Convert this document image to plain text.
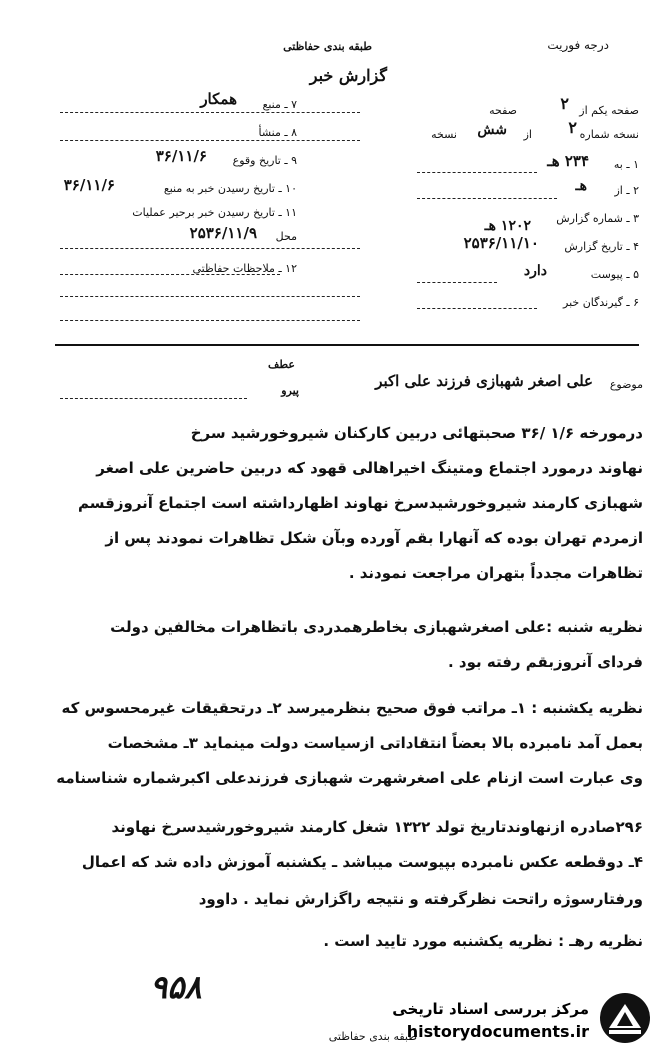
درجه فوریت
طبقه بندی حفاظتی
گزارش خبر
۷ ـ منبع
همکار
۸ ـ منشأ
۹ ـ تاریخ وقوع
۳۶/۱۱/۶
۱۰ ـ تاریخ رسیدن خبر به منبع
۳۶/۱۱/۶
۱۱ ـ تاریخ رسیدن خبر برحیر عملیات
محل
۲۵۳۶/۱۱/۹
۱۲ ـ ملاحظات حفاظتی
صفحه یکم از
۲
صفحه
نسخه شماره
۲
از
شش
نسخه
۱ ـ به
۲۳۴ هـ
۲ ـ از
هـ
۳ ـ شماره گزارش
۱۲۰۲ هـ
۴ ـ تاریخ گزارش
۲۵۳۶/۱۱/۱۰
۵ ـ پیوست
دارد
۶ ـ گیرندگان خبر
موضوع
عطف
علی اصغر شهبازی فرزند علی اکبر
پیرو
درمورخه ۱/۶ /۳۶ صحبتهائی دربین کارکنان شیروخورشید سرخ
نهاوند درمورد اجتماع ومتینگ اخیراهالی قهود که دربین حاضرین علی اصغر
شهبازی کارمند شیروخورشیدسرخ نهاوند اظهارداشته است اجتماع آنروزقسم
ازمردم تهران بوده که آنهارا بقم آورده وبآن شکل تظاهرات نمودند پس از
تظاهرات مجدداً بتهران مراجعت نمودند .
نظریه شنبه :علی اصغرشهبازی بخاطرهمدردی باتظاهرات مخالفین دولت
فردای آنروزبقم رفته بود .
نظریه یکشنبه : ۱ـ مراتب فوق صحیح بنظرمیرسد ۲ـ درتحقیقات غیرمحسوس که
بعمل آمد نامبرده بالا بعضاً انتقاداتی ازسیاست دولت مینماید ۳ـ مشخصات
وی عبارت است ازنام علی اصغرشهرت شهبازی فرزندعلی اکبرشماره شناسنامه
۲۹۶صادره ازنهاوندتاریخ تولد ۱۳۲۲ شغل کارمند شیروخورشیدسرخ نهاوند
۴ـ دوقطعه عکس نامبرده بپیوست میباشد ـ یکشنبه آموزش داده شد که اعمال
ورفتارسوژه راتحت نظرگرفته و نتیجه راگزارش نماید . داوود
نظریه رهـ : نظریه یکشنبه مورد تایید است .
۹۵۸
طبقه بندی حفاظتی
مرکز بررسی اسناد تاریخی
historydocuments.ir
